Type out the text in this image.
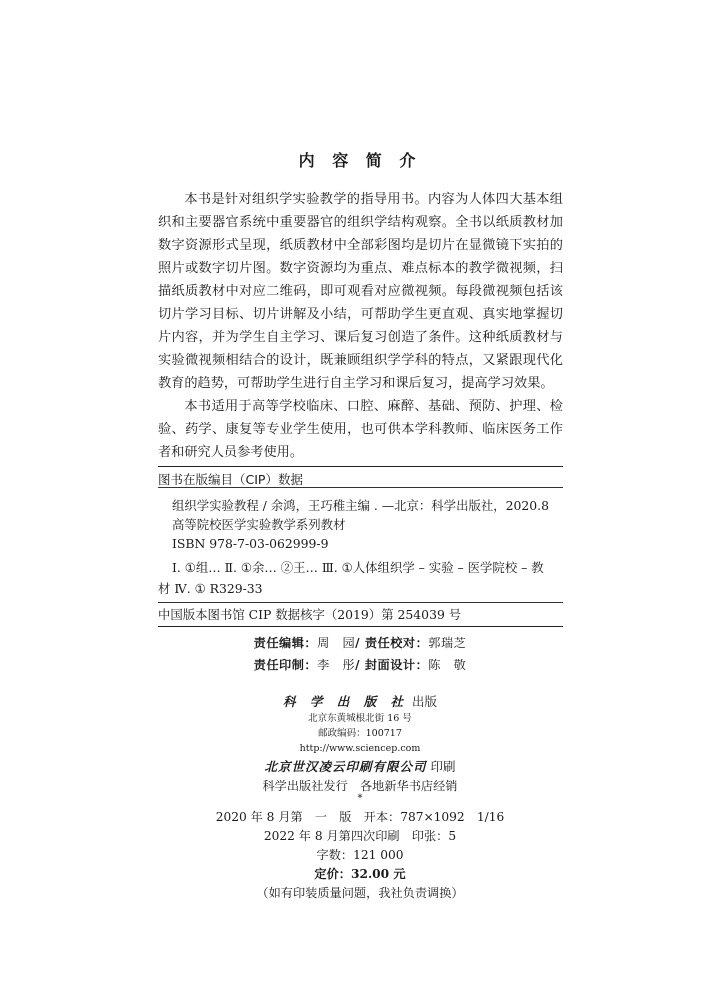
内 容 简 介

本书是针对组织学实验教学的指导用书。内容为人体四大基本组织和主要器官系统中重要器官的组织学结构观察。全书以纸质教材加数字资源形式呈现，纸质教材中全部彩图均是切片在显微镜下实拍的照片或数字切片图。数字资源均为重点、难点标本的教学微视频，扫描纸质教材中对应二维码，即可观看对应微视频。每段微视频包括该切片学习目标、切片讲解及小结，可帮助学生更直观、真实地掌握切片内容，并为学生自主学习、课后复习创造了条件。这种纸质教材与实验微视频相结合的设计，既兼顾组织学学科的特点，又紧跟现代化教育的趋势，可帮助学生进行自主学习和课后复习，提高学习效果。

本书适用于高等学校临床、口腔、麻醉、基础、预防、护理、检验、药学、康复等专业学生使用，也可供本学科教师、临床医务工作者和研究人员参考使用。

图书在版编目（CIP）数据
组织学实验教程 / 余鸿，王巧稚主编 . —北京：科学出版社，2020.8
高等院校医学实验教学系列教材
ISBN 978-7-03-062999-9
Ⅰ. ①组… Ⅱ. ①余… ②王… Ⅲ. ①人体组织学 – 实验 – 医学院校 – 教
材 Ⅳ. ① R329-33
中国版本图书馆 CIP 数据核字（2019）第 254039 号
责任编辑：周　园/ 责任校对：郭瑞芝
责任印制：李　彤/ 封面设计：陈　敬
科 学 出 版 社 出版
北京东黄城根北街 16 号
邮政编码：100717
http://www.sciencep.com
北京世汉凌云印刷有限公司 印刷
科学出版社发行　各地新华书店经销
*
2020 年 8 月第　一　版　开本：787×1092　1/16
2022 年 8 月第四次印刷　印张：5
字数：121 000
定价：32.00 元
（如有印装质量问题，我社负责调换）
